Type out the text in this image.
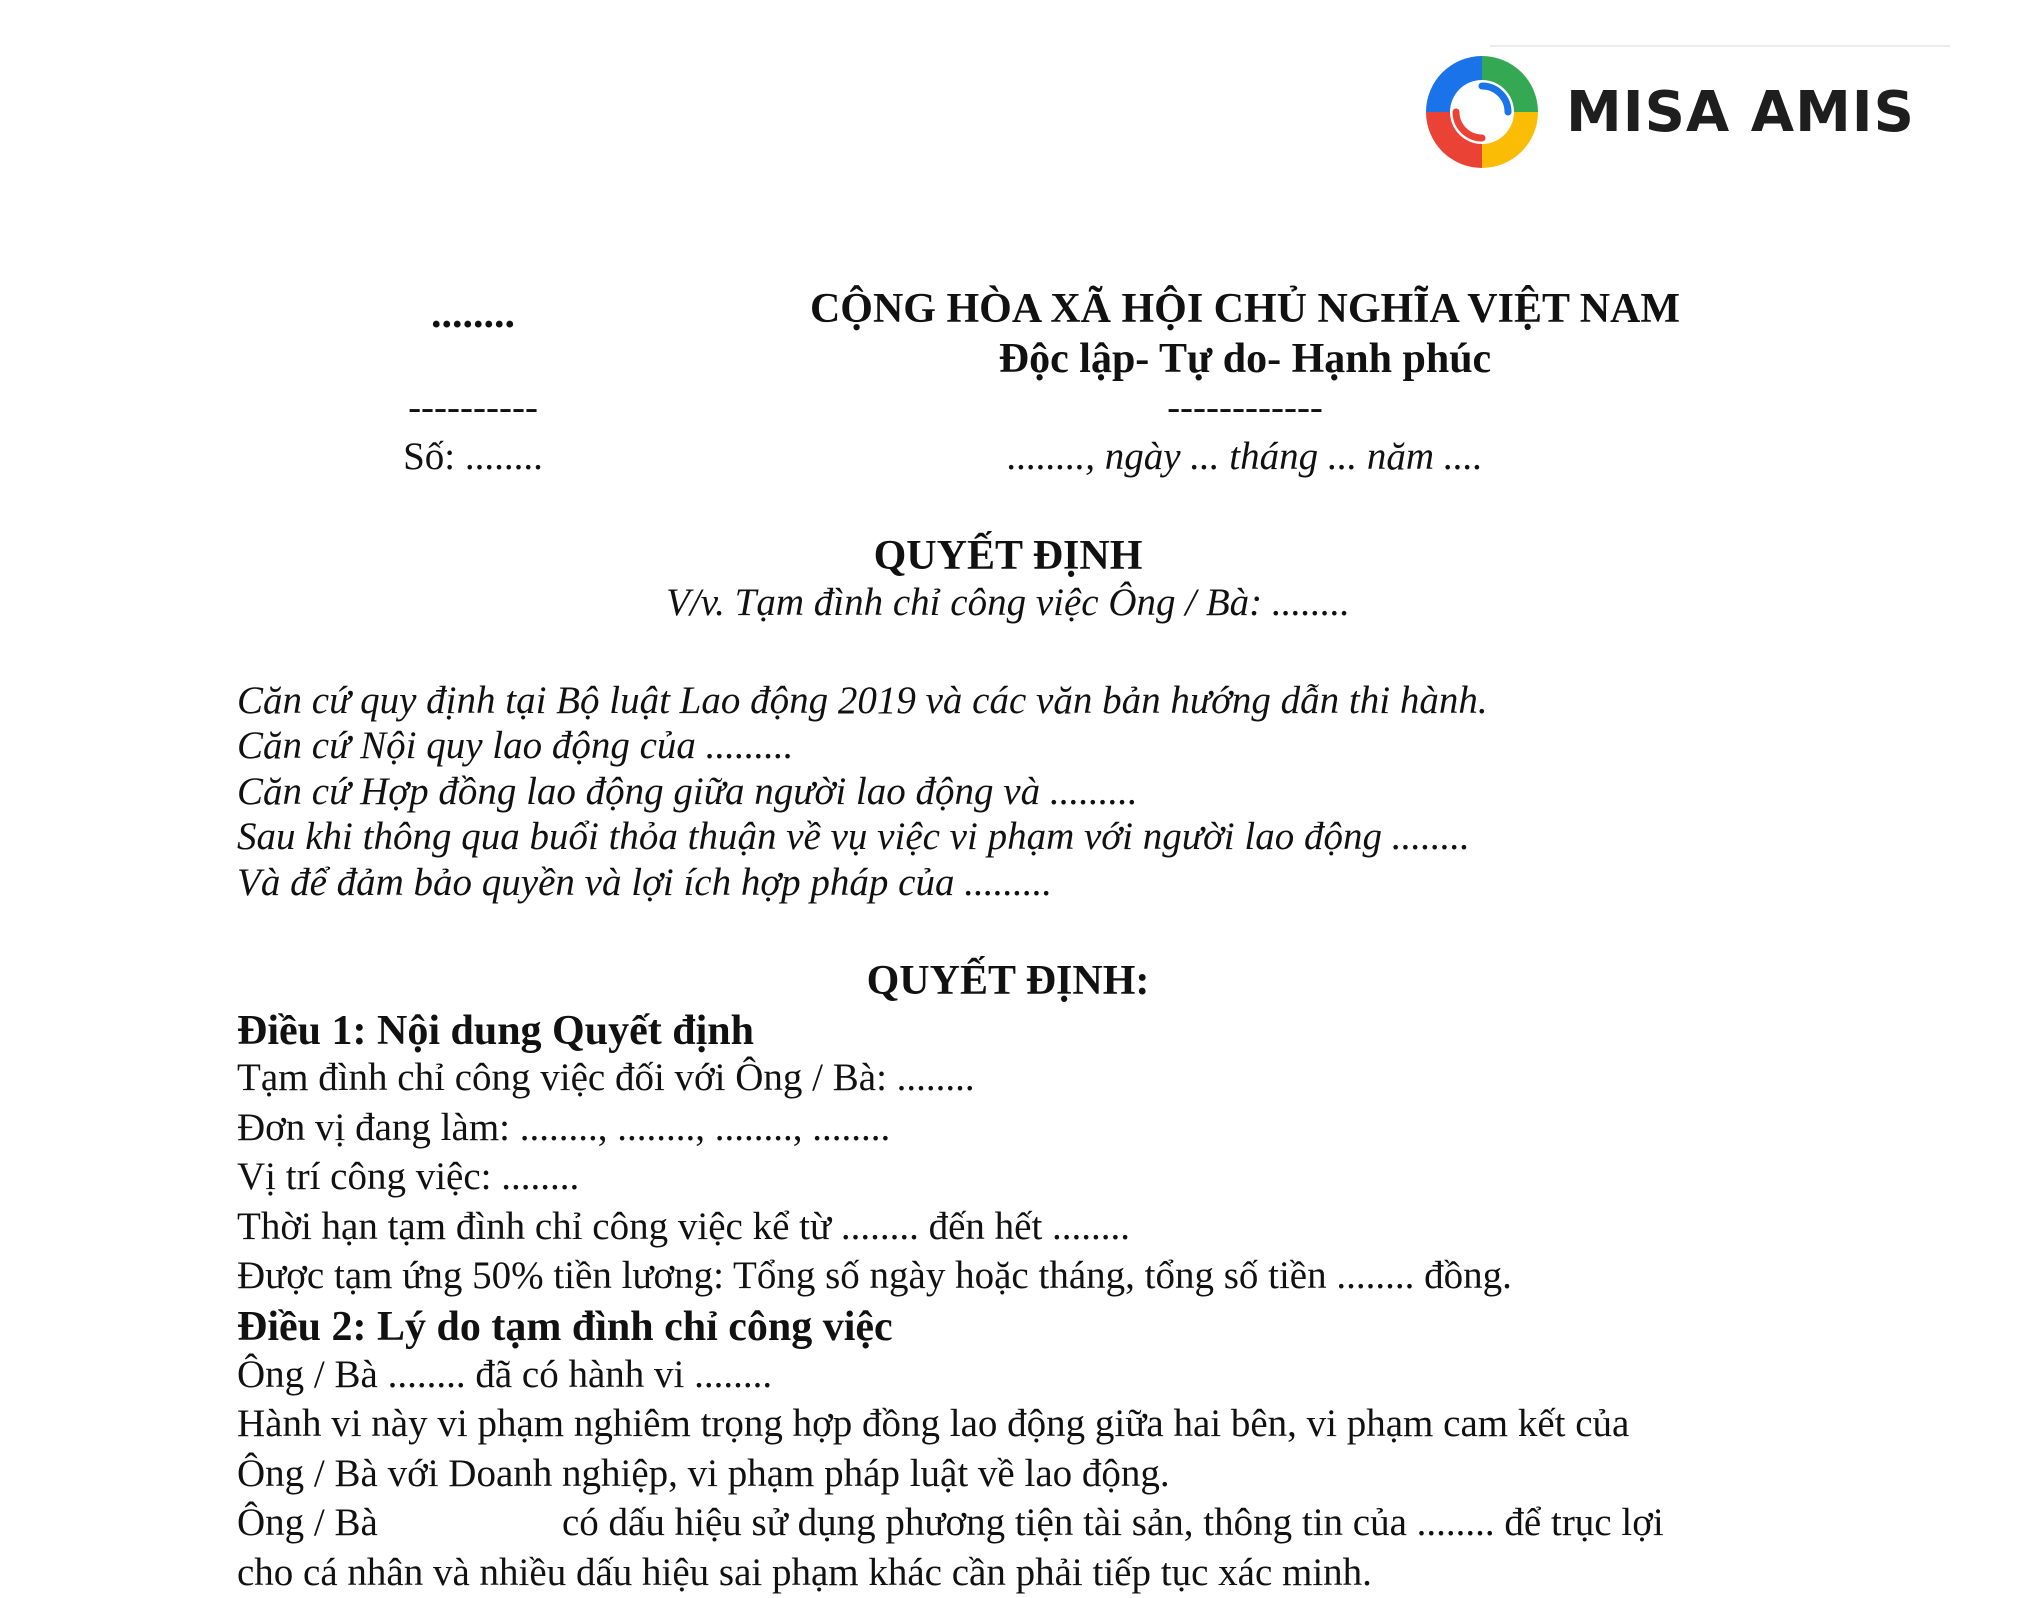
MISA AMIS
........
----------
Số: ........
CỘNG HÒA XÃ HỘI CHỦ NGHĨA VIỆT NAM
Độc lập- Tự do- Hạnh phúc
------------
........, ngày ... tháng ... năm ....
QUYẾT ĐỊNH
V/v. Tạm đình chỉ công việc Ông / Bà: ........
Căn cứ quy định tại Bộ luật Lao động 2019 và các văn bản hướng dẫn thi hành.
Căn cứ Nội quy lao động của .........
Căn cứ Hợp đồng lao động giữa người lao động và .........
Sau khi thông qua buổi thỏa thuận về vụ việc vi phạm với người lao động ........
Và để đảm bảo quyền và lợi ích hợp pháp của .........
QUYẾT ĐỊNH:
Điều 1: Nội dung Quyết định
Tạm đình chỉ công việc đối với Ông / Bà: ........
Đơn vị đang làm: ........, ........, ........, ........
Vị trí công việc: ........
Thời hạn tạm đình chỉ công việc kể từ ........ đến hết ........
Được tạm ứng 50% tiền lương: Tổng số ngày hoặc tháng, tổng số tiền ........ đồng.
Điều 2: Lý do tạm đình chỉ công việc
Ông / Bà ........ đã có hành vi ........
Hành vi này vi phạm nghiêm trọng hợp đồng lao động giữa hai bên, vi phạm cam kết của
Ông / Bà với Doanh nghiệp, vi phạm pháp luật về lao động.
Ông / Bà	có dấu hiệu sử dụng phương tiện tài sản, thông tin của ........ để trục lợi
cho cá nhân và nhiều dấu hiệu sai phạm khác cần phải tiếp tục xác minh.
